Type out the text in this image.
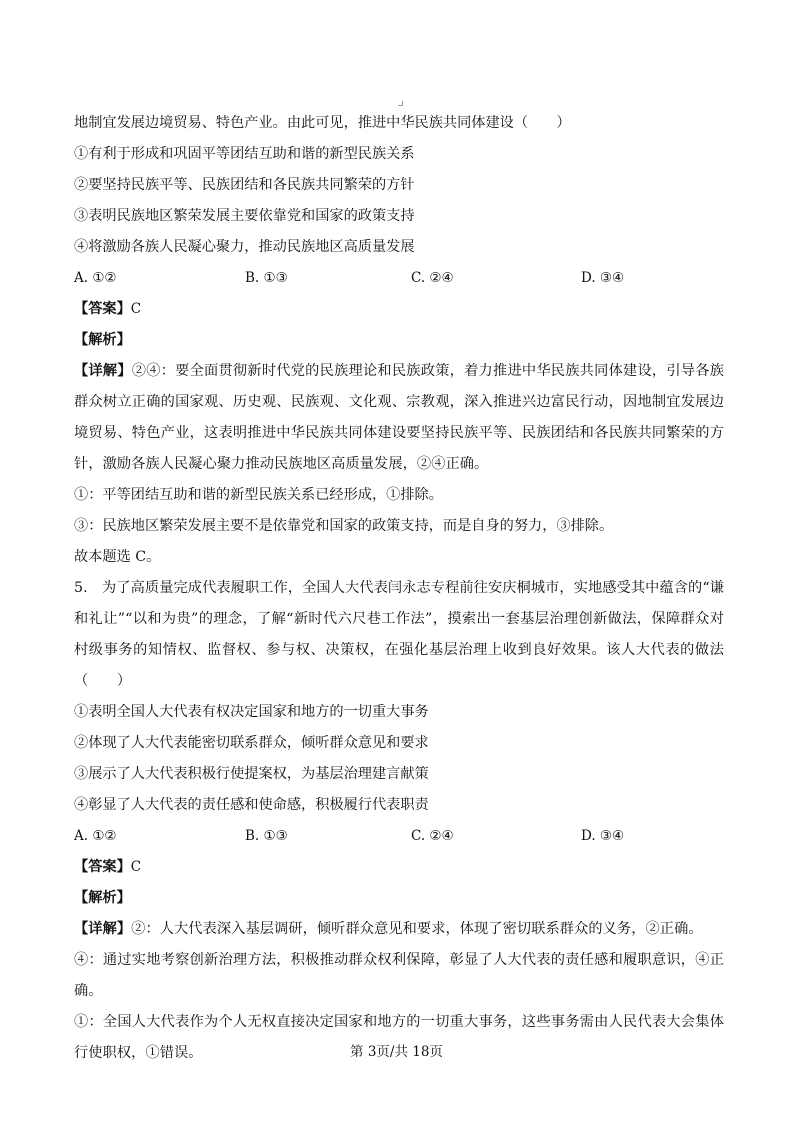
地制宜发展边境贸易、特色产业。由此可见，推进中华民族共同体建设（　　）
①有利于形成和巩固平等团结互助和谐的新型民族关系
②要坚持民族平等、民族团结和各民族共同繁荣的方针
③表明民族地区繁荣发展主要依靠党和国家的政策支持
④将激励各族人民凝心聚力，推动民族地区高质量发展
A. ①②	B. ①③	C. ②④	D. ③④
【答案】C
【解析】
【详解】②④：要全面贯彻新时代党的民族理论和民族政策，着力推进中华民族共同体建设，引导各族群众树立正确的国家观、历史观、民族观、文化观、宗教观，深入推进兴边富民行动，因地制宜发展边境贸易、特色产业，这表明推进中华民族共同体建设要坚持民族平等、民族团结和各民族共同繁荣的方针，激励各族人民凝心聚力推动民族地区高质量发展，②④正确。
①：平等团结互助和谐的新型民族关系已经形成，①排除。
③：民族地区繁荣发展主要不是依靠党和国家的政策支持，而是自身的努力，③排除。
故本题选 C。
5.　为了高质量完成代表履职工作，全国人大代表闫永志专程前往安庆桐城市，实地感受其中蕴含的“谦和礼让”“以和为贵”的理念，了解“新时代六尺巷工作法”，摸索出一套基层治理创新做法，保障群众对村级事务的知情权、监督权、参与权、决策权，在强化基层治理上收到良好效果。该人大代表的做法（　　）
①表明全国人大代表有权决定国家和地方的一切重大事务
②体现了人大代表能密切联系群众，倾听群众意见和要求
③展示了人大代表积极行使提案权，为基层治理建言献策
④彰显了人大代表的责任感和使命感，积极履行代表职责
A. ①②	B. ①③	C. ②④	D. ③④
【答案】C
【解析】
【详解】②：人大代表深入基层调研，倾听群众意见和要求，体现了密切联系群众的义务，②正确。
④：通过实地考察创新治理方法，积极推动群众权利保障，彰显了人大代表的责任感和履职意识，④正确。
①：全国人大代表作为个人无权直接决定国家和地方的一切重大事务，这些事务需由人民代表大会集体行使职权，①错误。	第 3页/共 18页
